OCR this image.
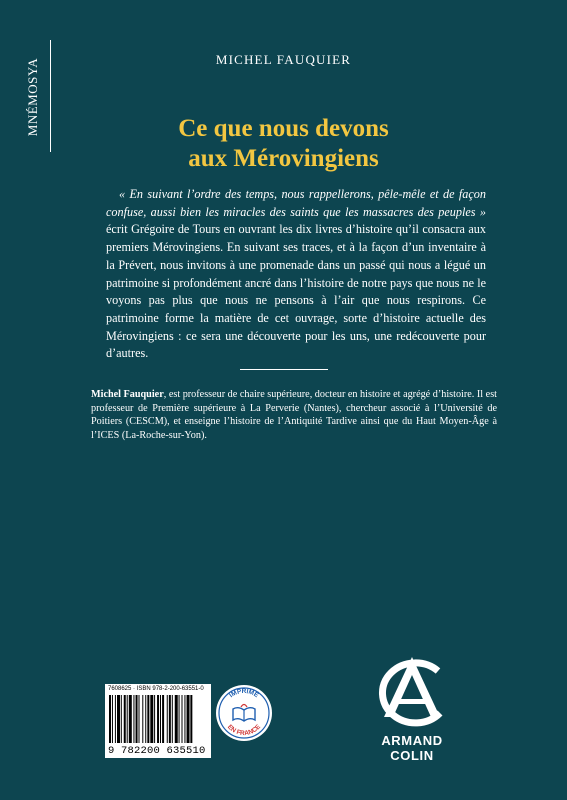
MNÉMOSYA	MICHEL FAUQUIER
Ce que nous devons
aux Mérovingiens
« En suivant l’ordre des temps, nous rappellerons, pêle-mêle et de façon confuse, aussi bien les miracles des saints que les massacres des peuples » écrit Grégoire de Tours en ouvrant les dix livres d’histoire qu’il consacra aux premiers Mérovingiens. En suivant ses traces, et à la façon d’un inventaire à la Prévert, nous invitons à une promenade dans un passé qui nous a légué un patrimoine si profondément ancré dans l’histoire de notre pays que nous ne le voyons pas plus que nous ne pensons à l’air que nous respirons. Ce patrimoine forme la matière de cet ouvrage, sorte d’histoire actuelle des Mérovingiens : ce sera une découverte pour les uns, une redécouverte pour d’autres.
Michel Fauquier, est professeur de chaire supérieure, docteur en histoire et agrégé d’histoire. Il est professeur de Première supérieure à La Perverie (Nantes), chercheur associé à l’Université de Poitiers (CESCM), et enseigne l’histoire de l’Antiquité Tardive ainsi que du Haut Moyen-Âge à l’ICES (La-Roche-sur-Yon).
7608625 · ISBN 978-2-200-63551-0
9 782200 635510
IMPRIMÉ
EN FRANCE
ARMAND COLIN
